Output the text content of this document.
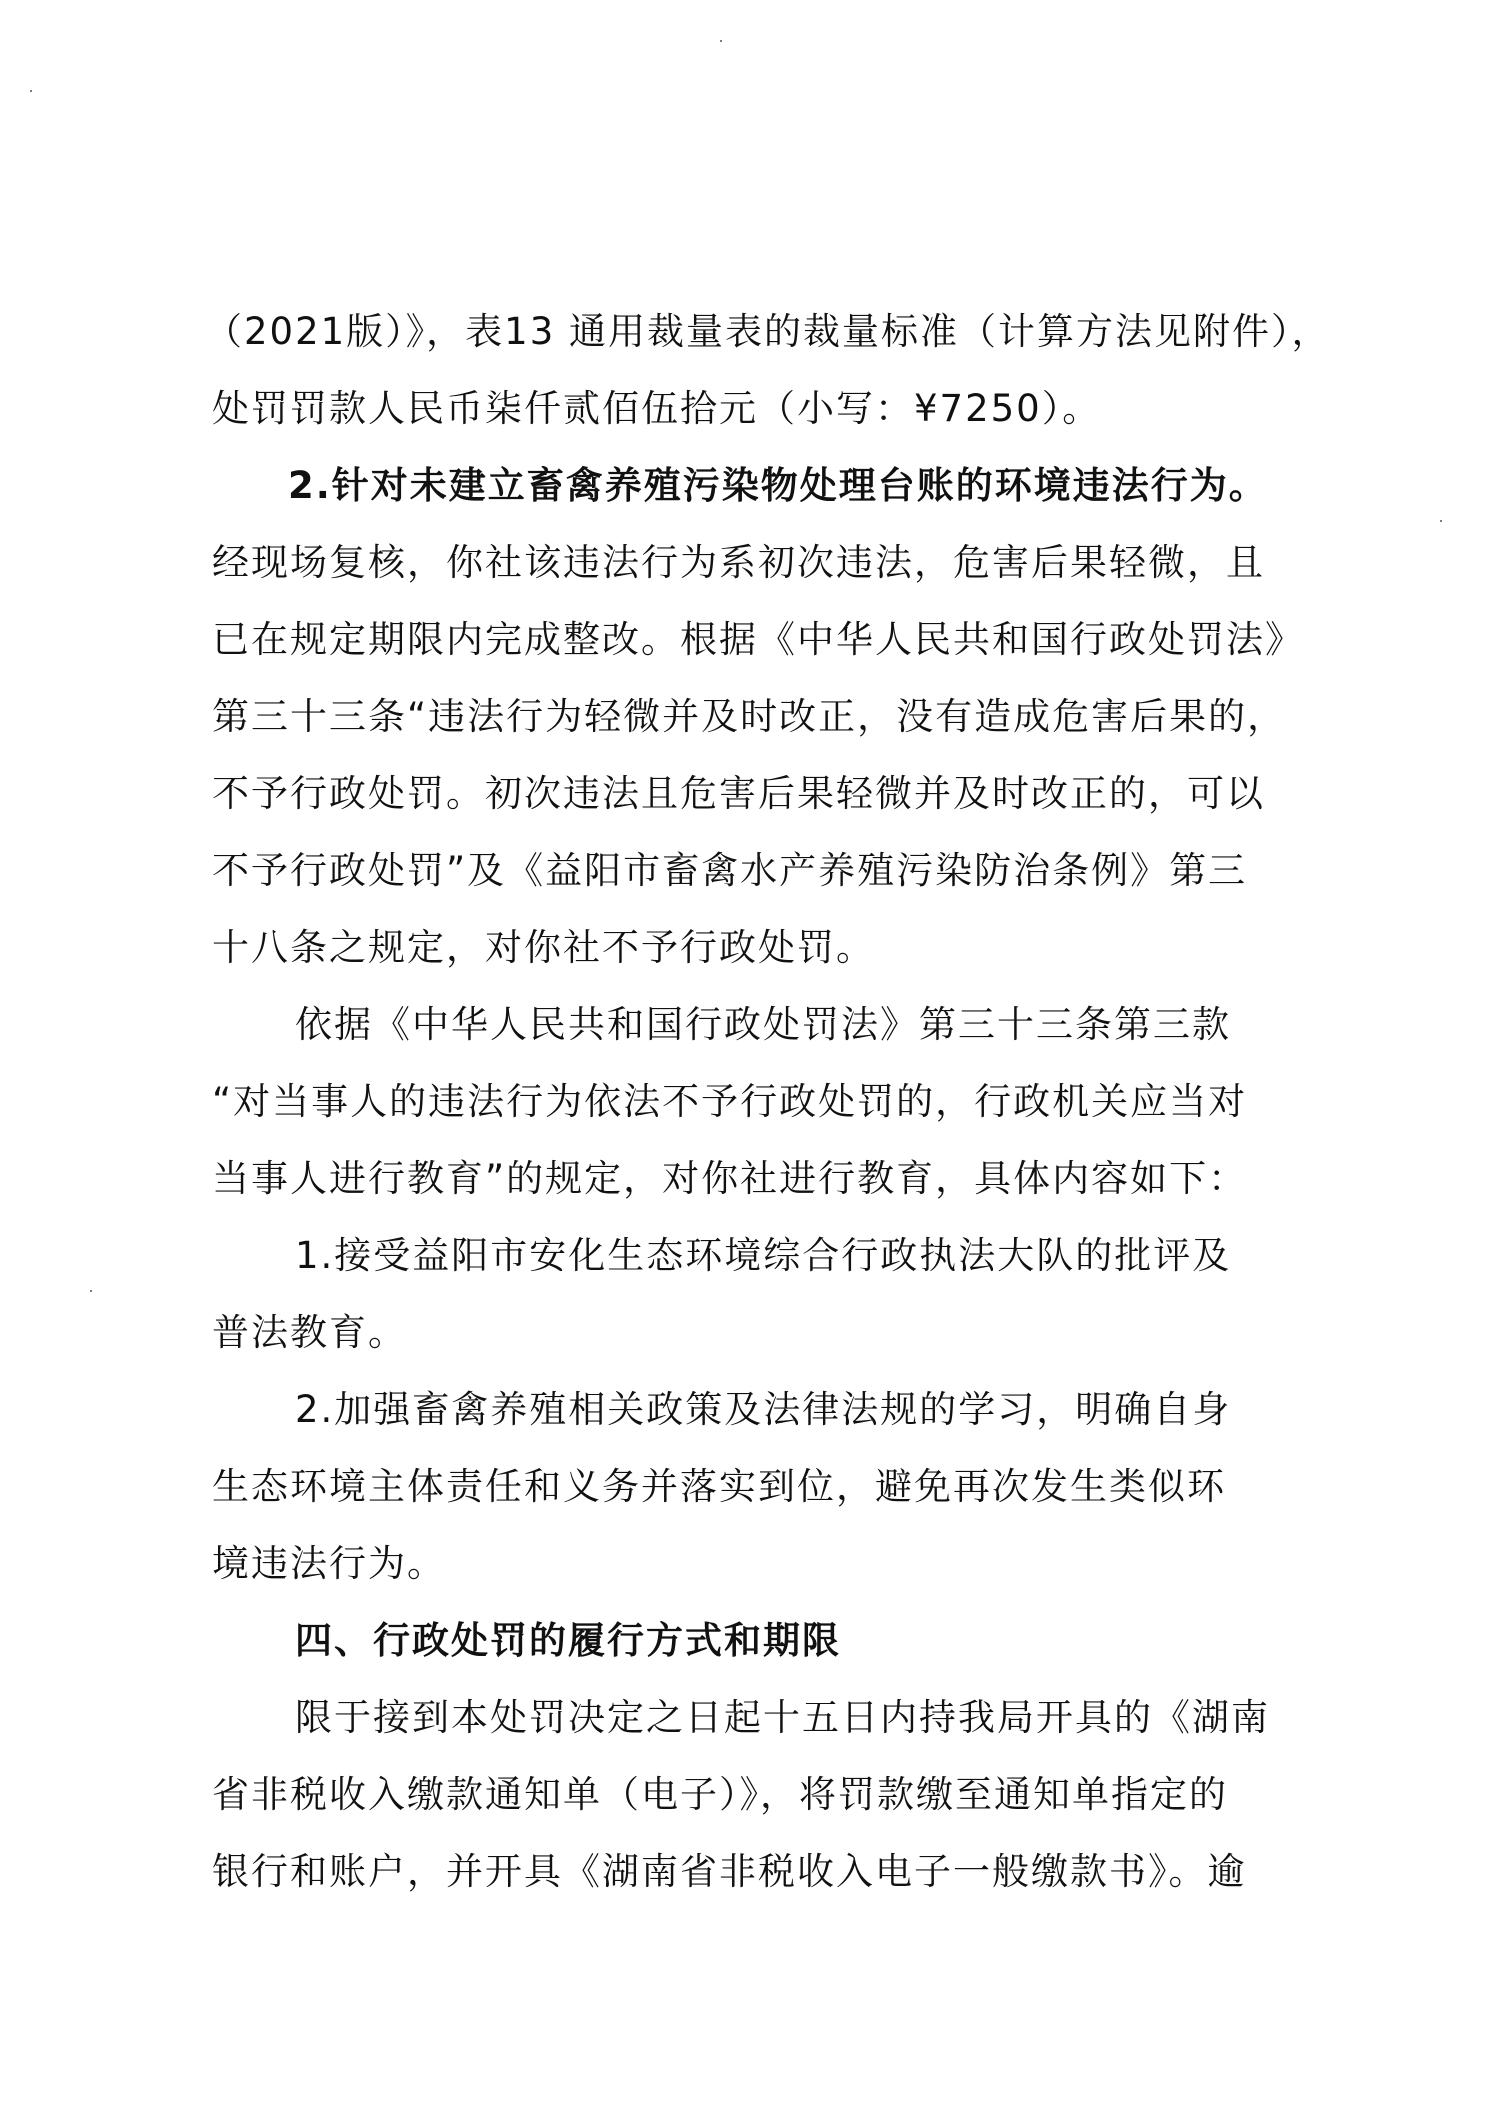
（2021版）》，表13 通用裁量表的裁量标准（计算方法见附件），

处罚罚款人民币柒仟贰佰伍拾元（小写：¥7250）。

2.针对未建立畜禽养殖污染物处理台账的环境违法行为。

经现场复核，你社该违法行为系初次违法，危害后果轻微，且

已在规定期限内完成整改。根据《中华人民共和国行政处罚法》

第三十三条“违法行为轻微并及时改正，没有造成危害后果的，

不予行政处罚。初次违法且危害后果轻微并及时改正的，可以

不予行政处罚”及《益阳市畜禽水产养殖污染防治条例》第三

十八条之规定，对你社不予行政处罚。

依据《中华人民共和国行政处罚法》第三十三条第三款

“对当事人的违法行为依法不予行政处罚的，行政机关应当对

当事人进行教育”的规定，对你社进行教育，具体内容如下：

1.接受益阳市安化生态环境综合行政执法大队的批评及

普法教育。

2.加强畜禽养殖相关政策及法律法规的学习，明确自身

生态环境主体责任和义务并落实到位，避免再次发生类似环

境违法行为。

四、行政处罚的履行方式和期限

限于接到本处罚决定之日起十五日内持我局开具的《湖南

省非税收入缴款通知单（电子）》，将罚款缴至通知单指定的

银行和账户，并开具《湖南省非税收入电子一般缴款书》。逾
